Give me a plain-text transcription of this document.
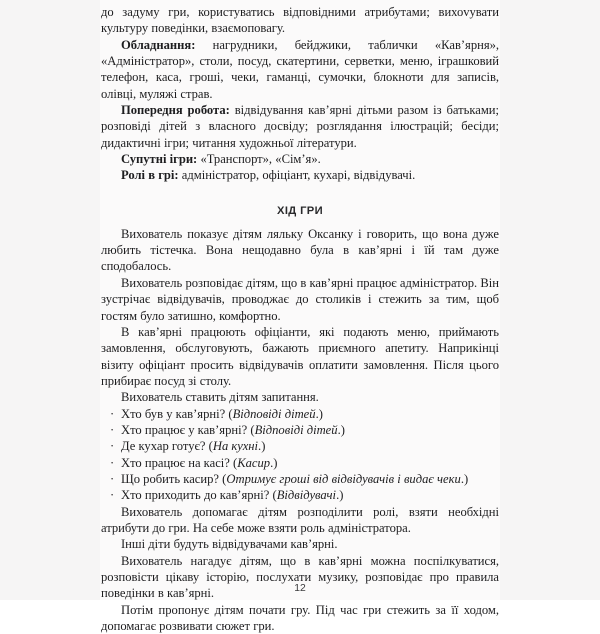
до задуму гри, користуватись відповідними атрибутами; вихоvувати культуру поведінки, взаємоповагу.

Обладнання: нагрудники, бейджики, таблички «Кав’ярня», «Адміністратор», столи, посуд, скатертини, серветки, меню, іграшковий телефон, каса, гроші, чеки, гаманці, сумочки, блокноти для записів, олівці, муляжі страв.

Попередня робота: відвідування кав’ярні дітьми разом із батьками; розповіді дітей з власного досвіду; розглядання ілюстрацій; бесіди; дидактичні ігри; читання художньої літератури.

Супутні ігри: «Транспорт», «Сім’я».

Ролі в грі: адміністратор, офіціант, кухарі, відвідувачі.

ХІД ГРИ

Вихователь показує дітям ляльку Оксанку і говорить, що вона дуже любить тістечка. Вона нещодавно була в кав’ярні і їй там дуже сподобалось.

Вихователь розповідає дітям, що в кав’ярні працює адміністратор. Він зустрічає відвідувачів, проводжає до столиків і стежить за тим, щоб гостям було затишно, комфортно.

В кав’ярні працюють офіціанти, які подають меню, приймають замовлення, обслуговують, бажають приємного апетиту. Наприкінці візиту офіціант просить відвідувачів оплатити замовлення. Після цього прибирає посуд зі столу.

Вихователь ставить дітям запитання.

· Хто був у кав’ярні? (Відповіді дітей.)
· Хто працює у кав’ярні? (Відповіді дітей.)
· Де кухар готує? (На кухні.)
· Хто працює на касі? (Касир.)
· Що робить касир? (Отримує гроші від відвідувачів і видає чеки.)
· Хто приходить до кав’ярні? (Відвідувачі.)

Вихователь допомагає дітям розподілити ролі, взяти необхідні атрибути до гри. На себе може взяти роль адміністратора.

Інші діти будуть відвідувачами кав’ярні.

Вихователь нагадує дітям, що в кав’ярні можна поспілкуватися, розповісти цікаву історію, послухати музику, розповідає про правила поведінки в кав’ярні.

Потім пропонує дітям почати гру. Під час гри стежить за її ходом, допомагає розвивати сюжет гри.

12
